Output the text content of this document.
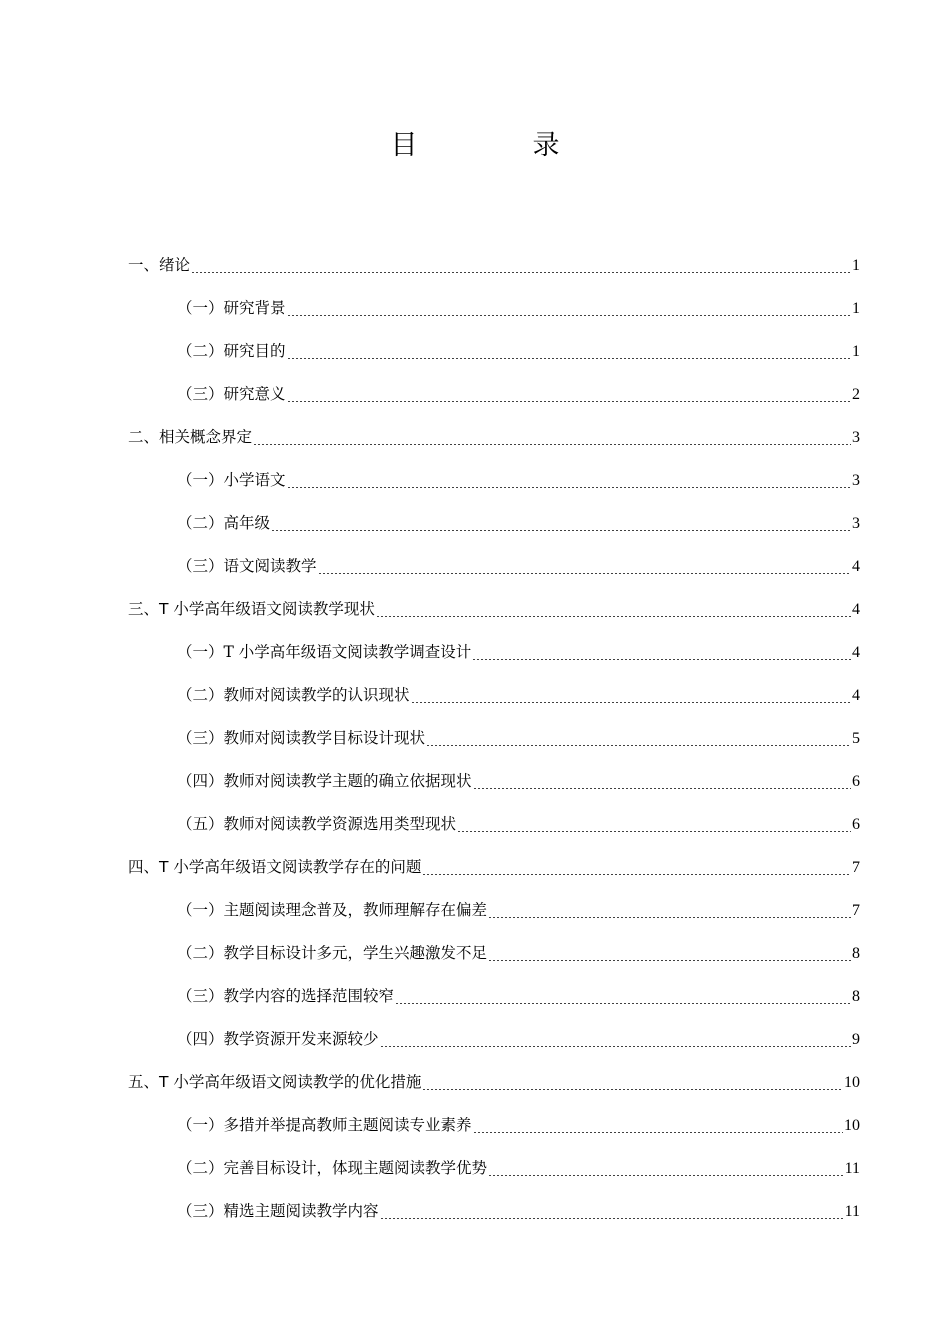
目　录
一、绪论	1
（一）研究背景	1
（二）研究目的	1
（三）研究意义	2
二、相关概念界定	3
（一）小学语文	3
（二）高年级	3
（三）语文阅读教学	4
三、T 小学高年级语文阅读教学现状	4
（一）T 小学高年级语文阅读教学调查设计	4
（二）教师对阅读教学的认识现状	4
（三）教师对阅读教学目标设计现状	5
（四）教师对阅读教学主题的确立依据现状	6
（五）教师对阅读教学资源选用类型现状	6
四、T 小学高年级语文阅读教学存在的问题	7
（一）主题阅读理念普及，教师理解存在偏差	7
（二）教学目标设计多元，学生兴趣激发不足	8
（三）教学内容的选择范围较窄	8
（四）教学资源开发来源较少	9
五、T 小学高年级语文阅读教学的优化措施	10
（一）多措并举提高教师主题阅读专业素养	10
（二）完善目标设计，体现主题阅读教学优势	11
（三）精选主题阅读教学内容	11
